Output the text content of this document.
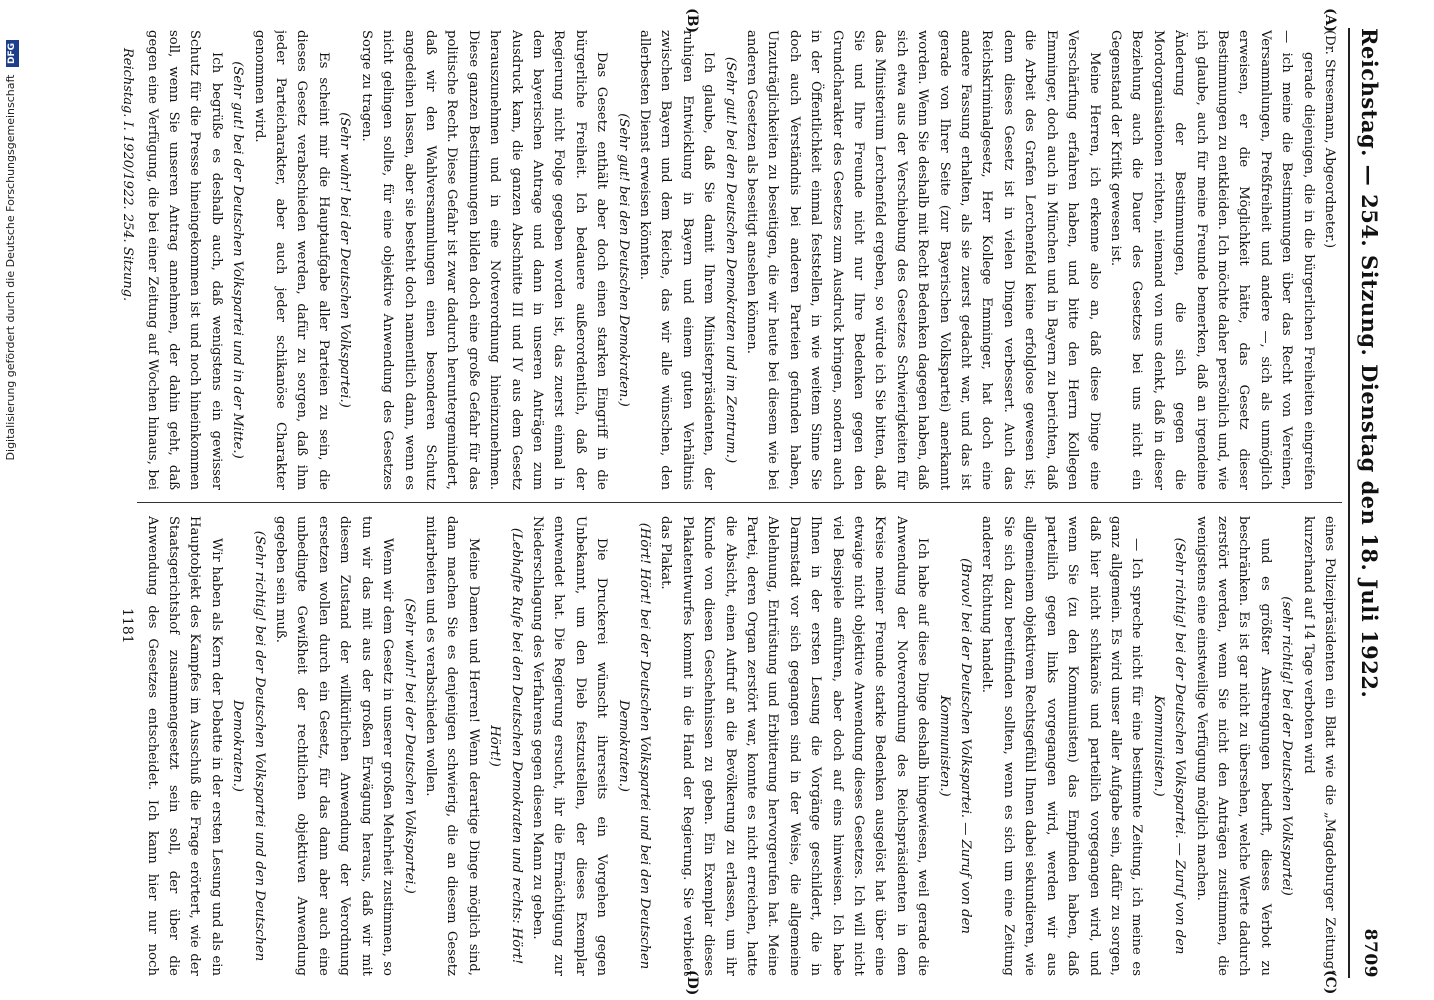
Digitalisierung gefördert durch die Deutsche Forschungsgemeinschaft DFG	Reichstag. — 254. Sitzung. Dienstag den 18. Juli 1922.
8709
(A)
(B)
(C)
(D)

(Dr. Stresemann, Abgeordneter.)

gerade diejenigen, die in die bürgerlichen Freiheiten eingreifen — ich meine die Bestimmungen über das Recht von Vereinen, Versammlungen, Preßfreiheit und andere —, sich als unmöglich erweisen, er die Möglichkeit hätte, das Gesetz dieser Bestimmungen zu entkleiden. Ich möchte daher persönlich und, wie ich glaube, auch für meine Freunde bemerken, daß an irgendeine Änderung der Bestimmungen, die sich gegen die Mordorganisationen richten, niemand von uns denkt, daß in dieser Beziehung auch die Dauer des Gesetzes bei uns nicht ein Gegenstand der Kritik gewesen ist.

Meine Herren, ich erkenne also an, daß diese Dinge eine Verschärfung erfahren haben, und bitte den Herrn Kollegen Emminger, doch auch in München und in Bayern zu berichten, daß die Arbeit des Grafen Lerchenfeld keine erfolglose gewesen ist; denn dieses Gesetz ist in vielen Dingen verbessert. Auch das Reichskriminalgesetz, Herr Kollege Emminger, hat doch eine andere Fassung erhalten, als sie zuerst gedacht war, und das ist gerade von Ihrer Seite (zur Bayerischen Volkspartei) anerkannt worden. Wenn Sie deshalb mit Recht Bedenken dagegen haben, daß sich etwa aus der Verschiebung des Gesetzes Schwierigkeiten für das Ministerium Lerchenfeld ergeben, so würde ich Sie bitten, daß Sie und Ihre Freunde nicht nur Ihre Bedenken gegen den Grundcharakter des Gesetzes zum Ausdruck bringen, sondern auch in der Öffentlichkeit einmal feststellen, in wie weitem Sinne Sie doch auch Verständnis bei anderen Parteien gefunden haben, Unzuträglichkeiten zu beseitigen, die wir heute bei diesem wie bei anderen Gesetzen als beseitigt ansehen können.

(Sehr gut! bei den Deutschen Demokraten und im Zentrum.)

Ich glaube, daß Sie damit Ihrem Ministerpräsidenten, der ruhigen Entwicklung in Bayern und einem guten Verhältnis zwischen Bayern und dem Reiche, das wir alle wünschen, den allerbesten Dienst erweisen könnten.

(Sehr gut! bei den Deutschen Demokraten.)

Das Gesetz enthält aber doch einen starken Eingriff in die bürgerliche Freiheit. Ich bedauere außerordentlich, daß der Regierung nicht Folge gegeben worden ist, das zuerst einmal in dem bayerischen Antrage und dann in unseren Anträgen zum Ausdruck kam, die ganzen Abschnitte III und IV aus dem Gesetz herauszunehmen und in eine Notverordnung hineinzunehmen. Diese ganzen Bestimmungen bilden doch eine große Gefahr für das politische Recht. Diese Gefahr ist zwar dadurch heruntergemindert, daß wir den Wahlversammlungen einen besonderen Schutz angedeihen lassen, aber sie besteht doch namentlich dann, wenn es nicht gelingen sollte, für eine objektive Anwendung des Gesetzes Sorge zu tragen.

(Sehr wahr! bei der Deutschen Volkspartei.)

Es scheint mir die Hauptaufgabe aller Parteien zu sein, die dieses Gesetz verabschieden werden, dafür zu sorgen, daß ihm jeder Parteicharakter, aber auch jeder schikanöse Charakter genommen wird.

(Sehr gut! bei der Deutschen Volkspartei und in der Mitte.)

Ich begrüße es deshalb auch, daß wenigstens ein gewisser Schutz für die Presse hineingekommen ist und noch hineinkommen soll, wenn Sie unseren Antrag annehmen, der dahin geht, daß gegen eine Verfügung, die bei einer Zeitung auf Wochen hinaus, bei

eines Polizeipräsidenten ein Blatt wie die „Magdeburger Zeitung“ kurzerhand auf 14 Tage verboten wird

(sehr richtig! bei der Deutschen Volkspartei)

und es größter Anstrengungen bedurft, dieses Verbot zu beschränken. Es ist gar nicht zu übersehen, welche Werte dadurch zerstört werden, wenn Sie nicht den Anträgen zustimmen, die wenigstens eine einstweilige Verfügung möglich machen.

(Sehr richtig! bei der Deutschen Volkspartei. — Zuruf von den Kommunisten.)

— Ich spreche nicht für eine bestimmte Zeitung, ich meine es ganz allgemein. Es wird unser aller Aufgabe sein, dafür zu sorgen, daß hier nicht schikanös und parteilich vorgegangen wird, und wenn Sie (zu den Kommunisten) das Empfinden haben, daß parteilich gegen links vorgegangen wird, werden wir aus allgemeinem objektivem Rechtsgefühl Ihnen dabei sekundieren, wie Sie sich dazu bereitfinden sollten, wenn es sich um eine Zeitung anderer Richtung handelt.

(Bravo! bei der Deutschen Volkspartei. — Zuruf von den Kommunisten.)

Ich habe auf diese Dinge deshalb hingewiesen, weil gerade die Anwendung der Notverordnung des Reichspräsidenten in dem Kreise meiner Freunde starke Bedenken ausgelöst hat über eine etwaige nicht objektive Anwendung dieses Gesetzes. Ich will nicht viel Beispiele anführen, aber doch auf eins hinweisen. Ich habe Ihnen in der ersten Lesung die Vorgänge geschildert, die in Darmstadt vor sich gegangen sind in der Weise, die allgemeine Ablehnung, Entrüstung und Erbitterung hervorgerufen hat. Meine Partei, deren Organ zerstört war, konnte es nicht erreichen, hatte die Absicht, einen Aufruf an die Bevölkerung zu erlassen, um ihr Kunde von diesen Geschehnissen zu geben. Ein Exemplar dieses Plakatentwurfes kommt in die Hand der Regierung. Sie verbietet das Plakat.

(Hört! Hört! bei der Deutschen Volkspartei und bei den Deutschen Demokraten.)

Die Druckerei wünscht ihrerseits ein Vorgehen gegen Unbekannt, um den Dieb festzustellen, der dieses Exemplar entwendet hat. Die Regierung ersucht, ihr die Ermächtigung zur Niederschlagung des Verfahrens gegen diesen Mann zu geben.

(Lebhafte Rufe bei den Deutschen Demokraten und rechts: Hört! Hört!)

Meine Damen und Herren! Wenn derartige Dinge möglich sind, dann machen Sie es denjenigen schwierig, die an diesem Gesetz mitarbeiten und es verabschieden wollen.

(Sehr wahr! bei der Deutschen Volkspartei.)

Wenn wir dem Gesetz in unserer großen Mehrheit zustimmen, so tun wir das mit aus der großen Erwägung heraus, daß wir mit diesem Zustand der willkürlichen Anwendung der Verordnung ersetzen wollen durch ein Gesetz, für das dann aber auch eine unbedingte Gewißheit der rechtlichen objektiven Anwendung gegeben sein muß.

(Sehr richtig! bei der Deutschen Volkspartei und den Deutschen Demokraten.)

Wir haben als Kern der Debatte in der ersten Lesung und als ein Hauptobjekt des Kampfes im Ausschuß die Frage erörtert, wie der Staatsgerichtshof zusammengesetzt sein soll, der über die Anwendung des Gesetzes entscheidet. Ich kann hier nur noch

Reichstag. I. 1920/1922. 254. Sitzung.
1181
